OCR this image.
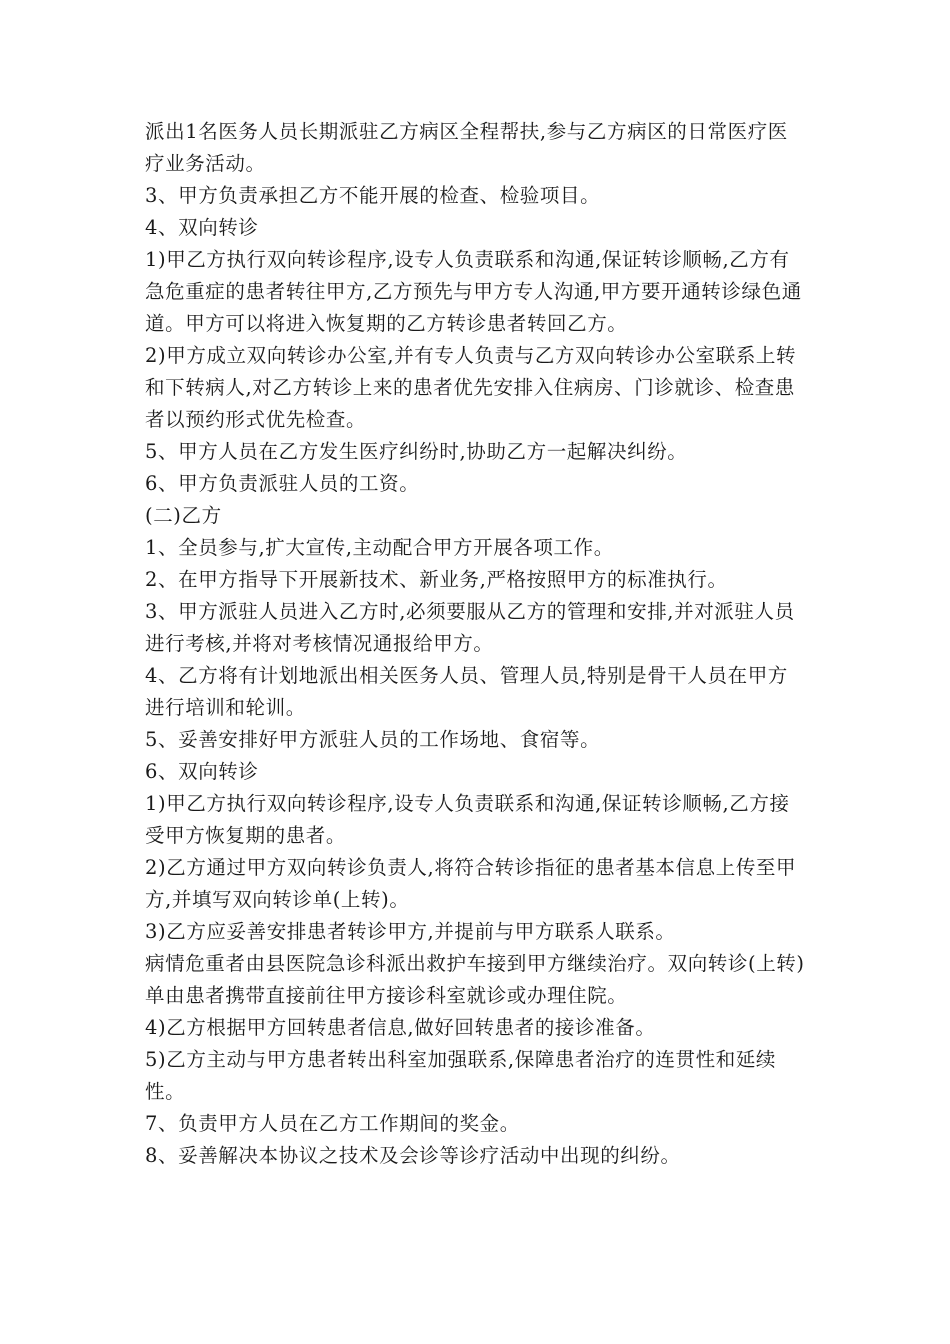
派出1名医务人员长期派驻乙方病区全程帮扶,参与乙方病区的日常医疗医疗业务活动。

3、甲方负责承担乙方不能开展的检查、检验项目。

4、双向转诊

1)甲乙方执行双向转诊程序,设专人负责联系和沟通,保证转诊顺畅,乙方有急危重症的患者转往甲方,乙方预先与甲方专人沟通,甲方要开通转诊绿色通道。甲方可以将进入恢复期的乙方转诊患者转回乙方。

2)甲方成立双向转诊办公室,并有专人负责与乙方双向转诊办公室联系上转和下转病人,对乙方转诊上来的患者优先安排入住病房、门诊就诊、检查患者以预约形式优先检查。

5、甲方人员在乙方发生医疗纠纷时,协助乙方一起解决纠纷。

6、甲方负责派驻人员的工资。

(二)乙方

1、全员参与,扩大宣传,主动配合甲方开展各项工作。

2、在甲方指导下开展新技术、新业务,严格按照甲方的标准执行。

3、甲方派驻人员进入乙方时,必须要服从乙方的管理和安排,并对派驻人员进行考核,并将对考核情况通报给甲方。

4、乙方将有计划地派出相关医务人员、管理人员,特别是骨干人员在甲方进行培训和轮训。

5、妥善安排好甲方派驻人员的工作场地、食宿等。

6、双向转诊

1)甲乙方执行双向转诊程序,设专人负责联系和沟通,保证转诊顺畅,乙方接受甲方恢复期的患者。

2)乙方通过甲方双向转诊负责人,将符合转诊指征的患者基本信息上传至甲方,并填写双向转诊单(上转)。

3)乙方应妥善安排患者转诊甲方,并提前与甲方联系人联系。

病情危重者由县医院急诊科派出救护车接到甲方继续治疗。双向转诊(上转)单由患者携带直接前往甲方接诊科室就诊或办理住院。

4)乙方根据甲方回转患者信息,做好回转患者的接诊准备。

5)乙方主动与甲方患者转出科室加强联系,保障患者治疗的连贯性和延续性。

7、负责甲方人员在乙方工作期间的奖金。

8、妥善解决本协议之技术及会诊等诊疗活动中出现的纠纷。
